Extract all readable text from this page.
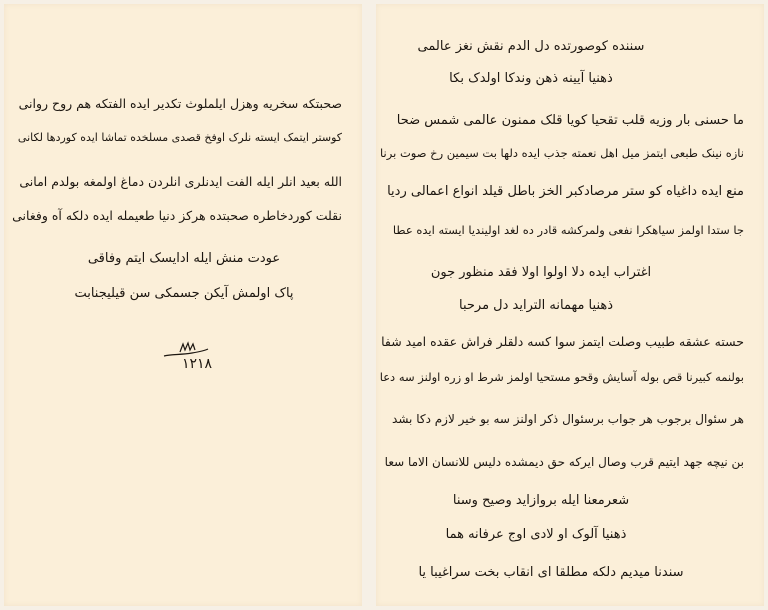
صحبتکه سخریه وهزل ایلملوث تکدیر ایده الفتکه هم روح روانی
کوستر ایتمک ایسته نلرک اوفخ قصدی مسلخده تماشا ایده کوردها لکانی
الله بعید انلر ایله الفت ایدنلری انلردن دماغ اولمغه بولدم امانی
نقلت کوردخاطره صحبتده هرکز دنیا طعیمله ایده دلکه آه وفغانی
عودت منش ایله ادایسک ایتم وفاقی
پاک اولمش آیکن جسمکی سن قیلیجنابت
١٢١٨
سننده کوصورتده دل الدم نقش نغز عالمی
ذهنیا آیینه ذهن وندکا اولدک بکا
ما حسنی بار وزیه قلب تقحیا کویا قلک ممنون عالمی شمس ضحا
نازه نینک طبعی ایتمز میل اهل نعمته جذب ایده دلها بت سیمین رخ صوت برنا
منع ایده داغیاه کو ستر مرصادکبر الخز باطل قیلد انواع اعمالی ردیا
جا ستدا اولمز سیاهکرا نفعی ولمرکشه قادر ده لغد اولیندیا ایسته ایده عطا
اغتراب ایده دلا اولوا اولا فقد منظور جون
ذهنیا مهمانه التراید دل مرحبا
حسته عشقه طبیب وصلت ایتمز سوا کسه دلقلر فراش عقده امید شفا
بولنمه کبیرنا قص بوله آسایش وقحو مستحیا اولمز شرط او زره اولنز سه دعا
هر سئوال برجوب هر جواب برسئوال ذکر اولنز سه بو خیر لازم دکا بشد
بن نیچه جهد ایتیم قرب وصال ایرکه حق دیمشده دلیس للانسان الاما سعا
شعرمعنا ایله بروازاید وصیح وسنا
ذهنیا آلوک او لادی اوج عرفانه هما
سندنا میدیم دلکه مطلقا ای انقاب بخت سراغیبا یا
